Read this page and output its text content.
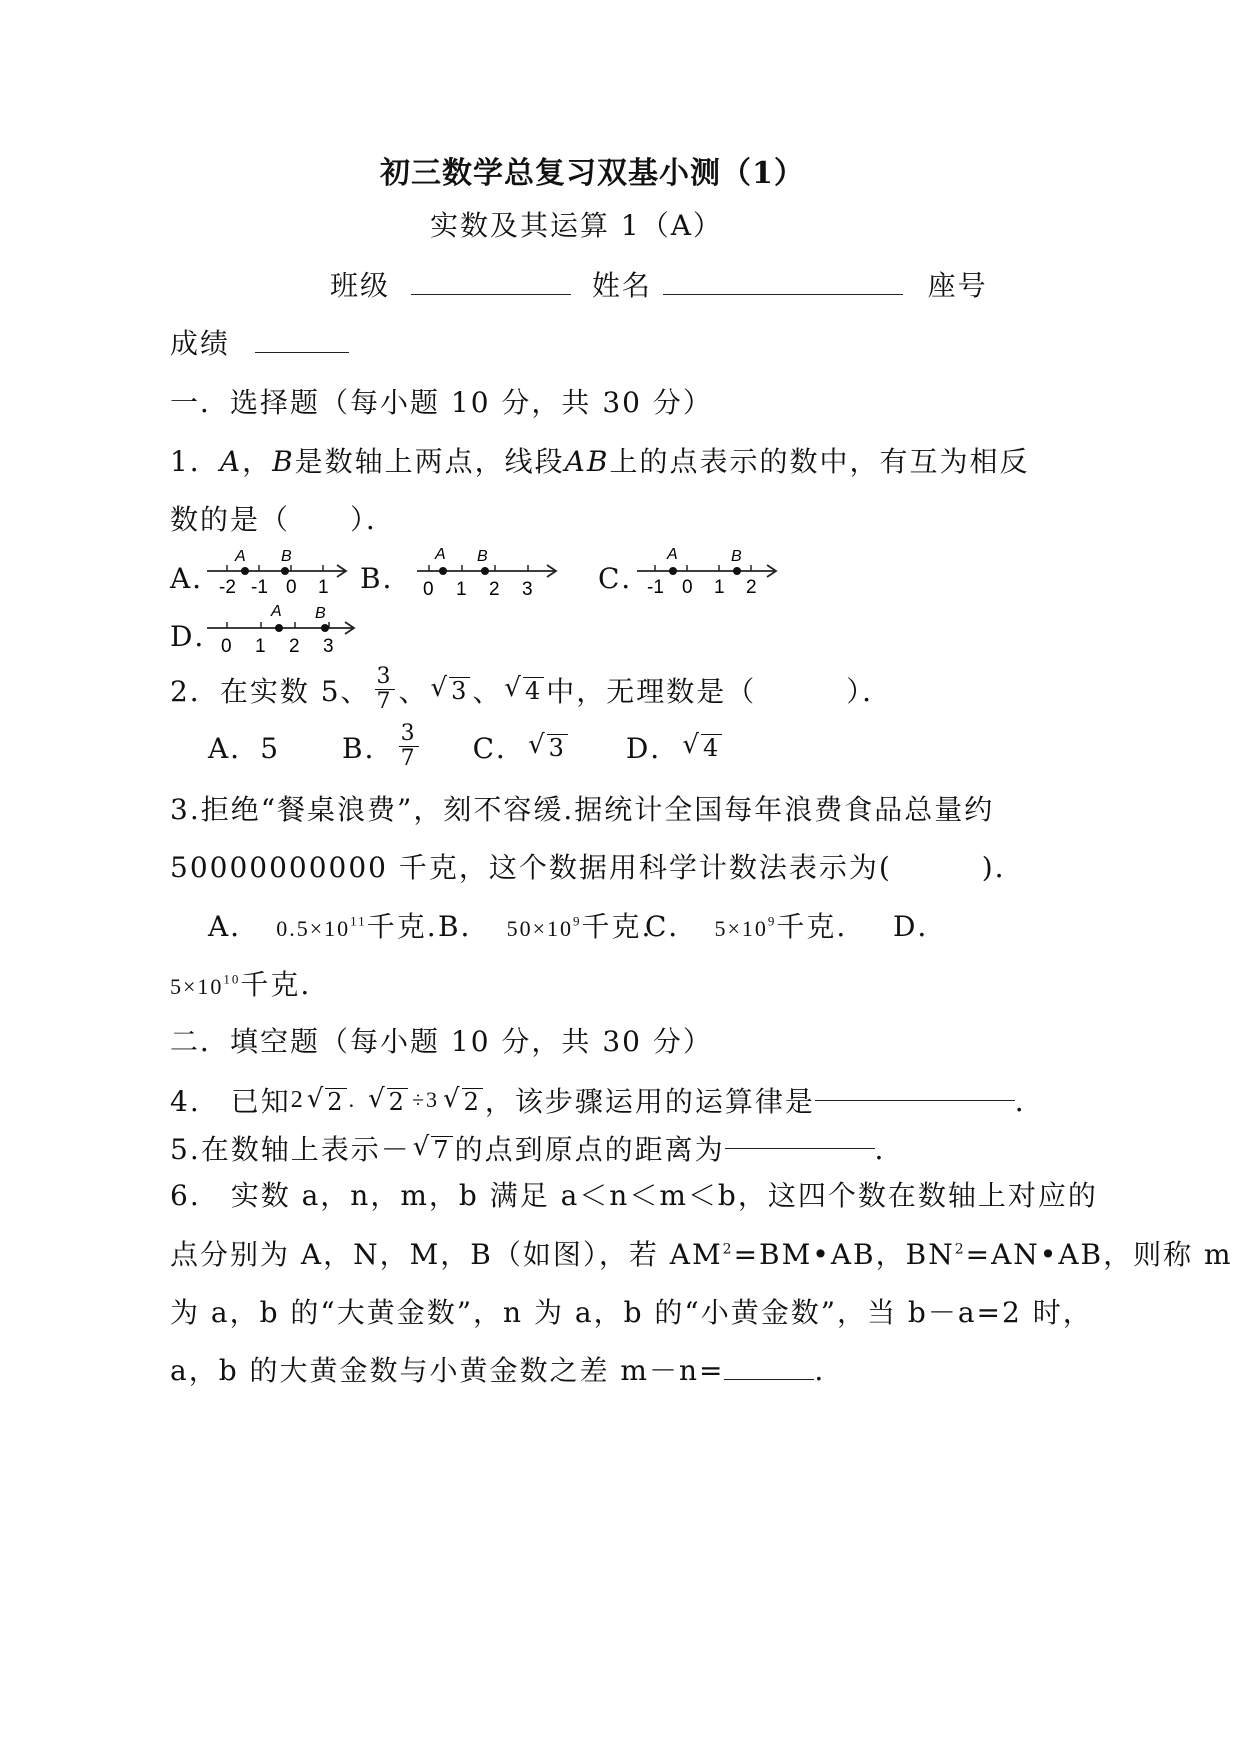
初三数学总复习双基小测（1）
实数及其运算 1（A）
班级	姓名	座号
成绩
一．选择题（每小题 10 分，共 30 分）
1．A，B是数轴上两点，线段AB上的点表示的数中，有互为相反
数的是（　　）．
A．
A B
-2 -1 0 1 B．
A B
0 1 2 3 C．
A	B
-1 0 1 2
D．
A B
0 1 2 3
2．在实数 5、 $\frac{3}{7}$ 、 √ 3 、 √ 4 中，无理数是（　　　）．
A．5 B． $\frac{3}{7}$ C． √ 3 D． √ 4
3.拒绝“餐桌浪费”，刻不容缓.据统计全国每年浪费食品总量约
50000000000 千克，这个数据用科学计数法表示为(　　　)．
A． $0.5\times 10^{11}$千克. B． $50\times 10^9$千克.
C． $5\times 10^9$千克. D．
$5\times 10^{10}$千克.
二．填空题（每小题 10 分，共 30 分）
4.　已知 2 √ 2 . √ 2 ÷3 √ 2 ，该步骤运用的运算律是	．
5.在数轴上表示－ √ 7 的点到原点的距离为	．
6.　实数 a，n，m，b 满足 a＜n＜m＜b，这四个数在数轴上对应的
点分别为 A，N，M，B（如图），若 $AM^2=BM•AB$，$BN^2=AN•AB$，则称 m
为 a，b 的“大黄金数”，n 为 a，b 的“小黄金数”，当 b－a=2 时，
a，b 的大黄金数与小黄金数之差 m－n=	．
